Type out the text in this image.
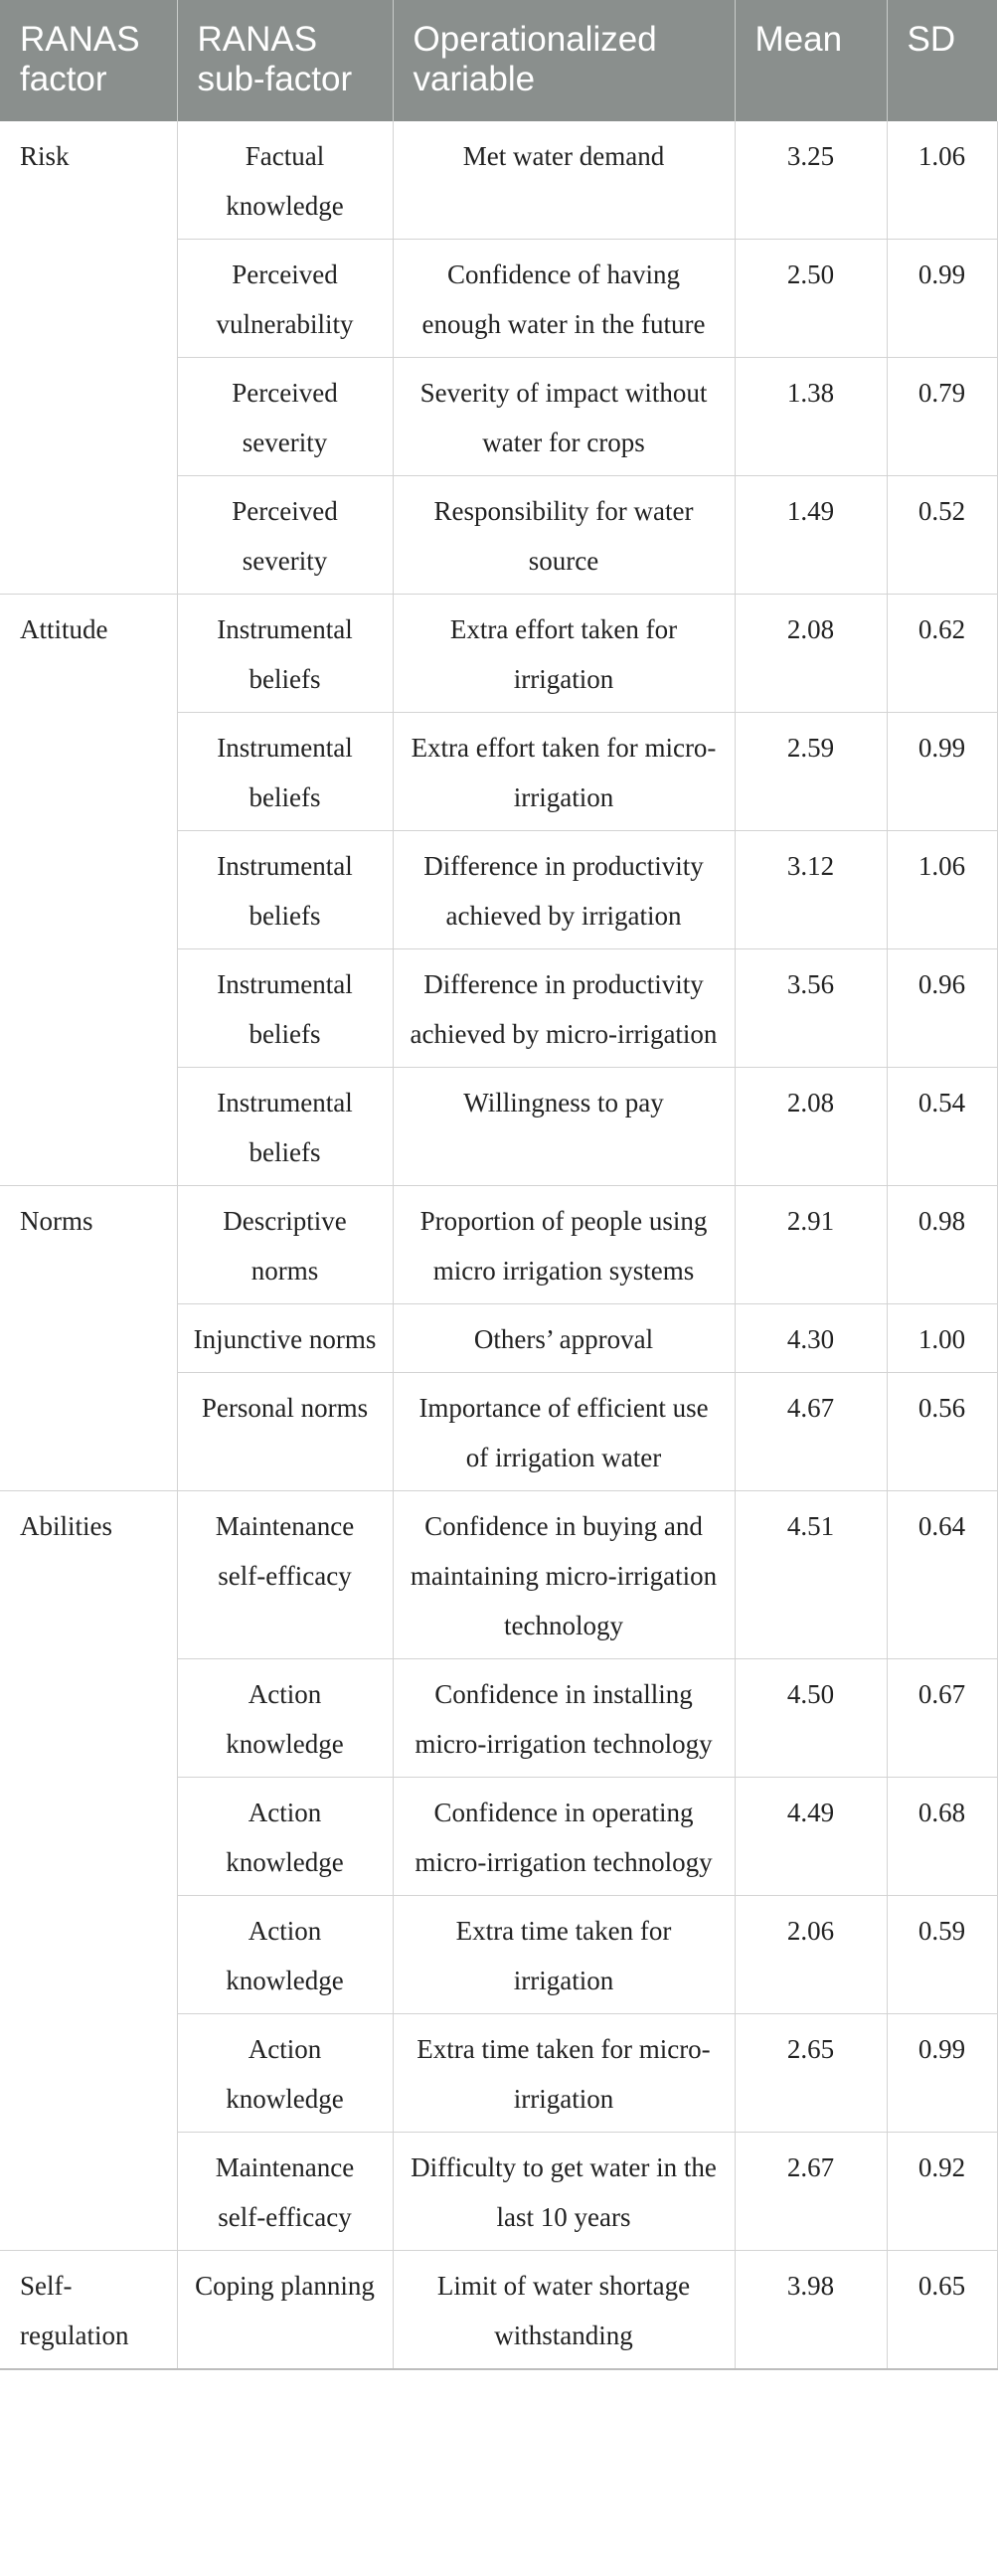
RANAS factor	RANAS sub-factor	Operationalized variable	Mean	SD
Risk	Factual knowledge	Met water demand	3.25	1.06
	Perceived vulnerability	Confidence of having enough water in the future	2.50	0.99
	Perceived severity	Severity of impact without water for crops	1.38	0.79
	Perceived severity	Responsibility for water source	1.49	0.52
Attitude	Instrumental beliefs	Extra effort taken for irrigation	2.08	0.62
	Instrumental beliefs	Extra effort taken for micro-irrigation	2.59	0.99
	Instrumental beliefs	Difference in productivity achieved by irrigation	3.12	1.06
	Instrumental beliefs	Difference in productivity achieved by micro-irrigation	3.56	0.96
	Instrumental beliefs	Willingness to pay	2.08	0.54
Norms	Descriptive norms	Proportion of people using micro irrigation systems	2.91	0.98
	Injunctive norms	Others’ approval	4.30	1.00
	Personal norms	Importance of efficient use of irrigation water	4.67	0.56
Abilities	Maintenance self-efficacy	Confidence in buying and maintaining micro-irrigation technology	4.51	0.64
	Action knowledge	Confidence in installing micro-irrigation technology	4.50	0.67
	Action knowledge	Confidence in operating micro-irrigation technology	4.49	0.68
	Action knowledge	Extra time taken for irrigation	2.06	0.59
	Action knowledge	Extra time taken for micro-irrigation	2.65	0.99
	Maintenance self-efficacy	Difficulty to get water in the last 10 years	2.67	0.92
Self-regulation	Coping planning	Limit of water shortage withstanding	3.98	0.65
